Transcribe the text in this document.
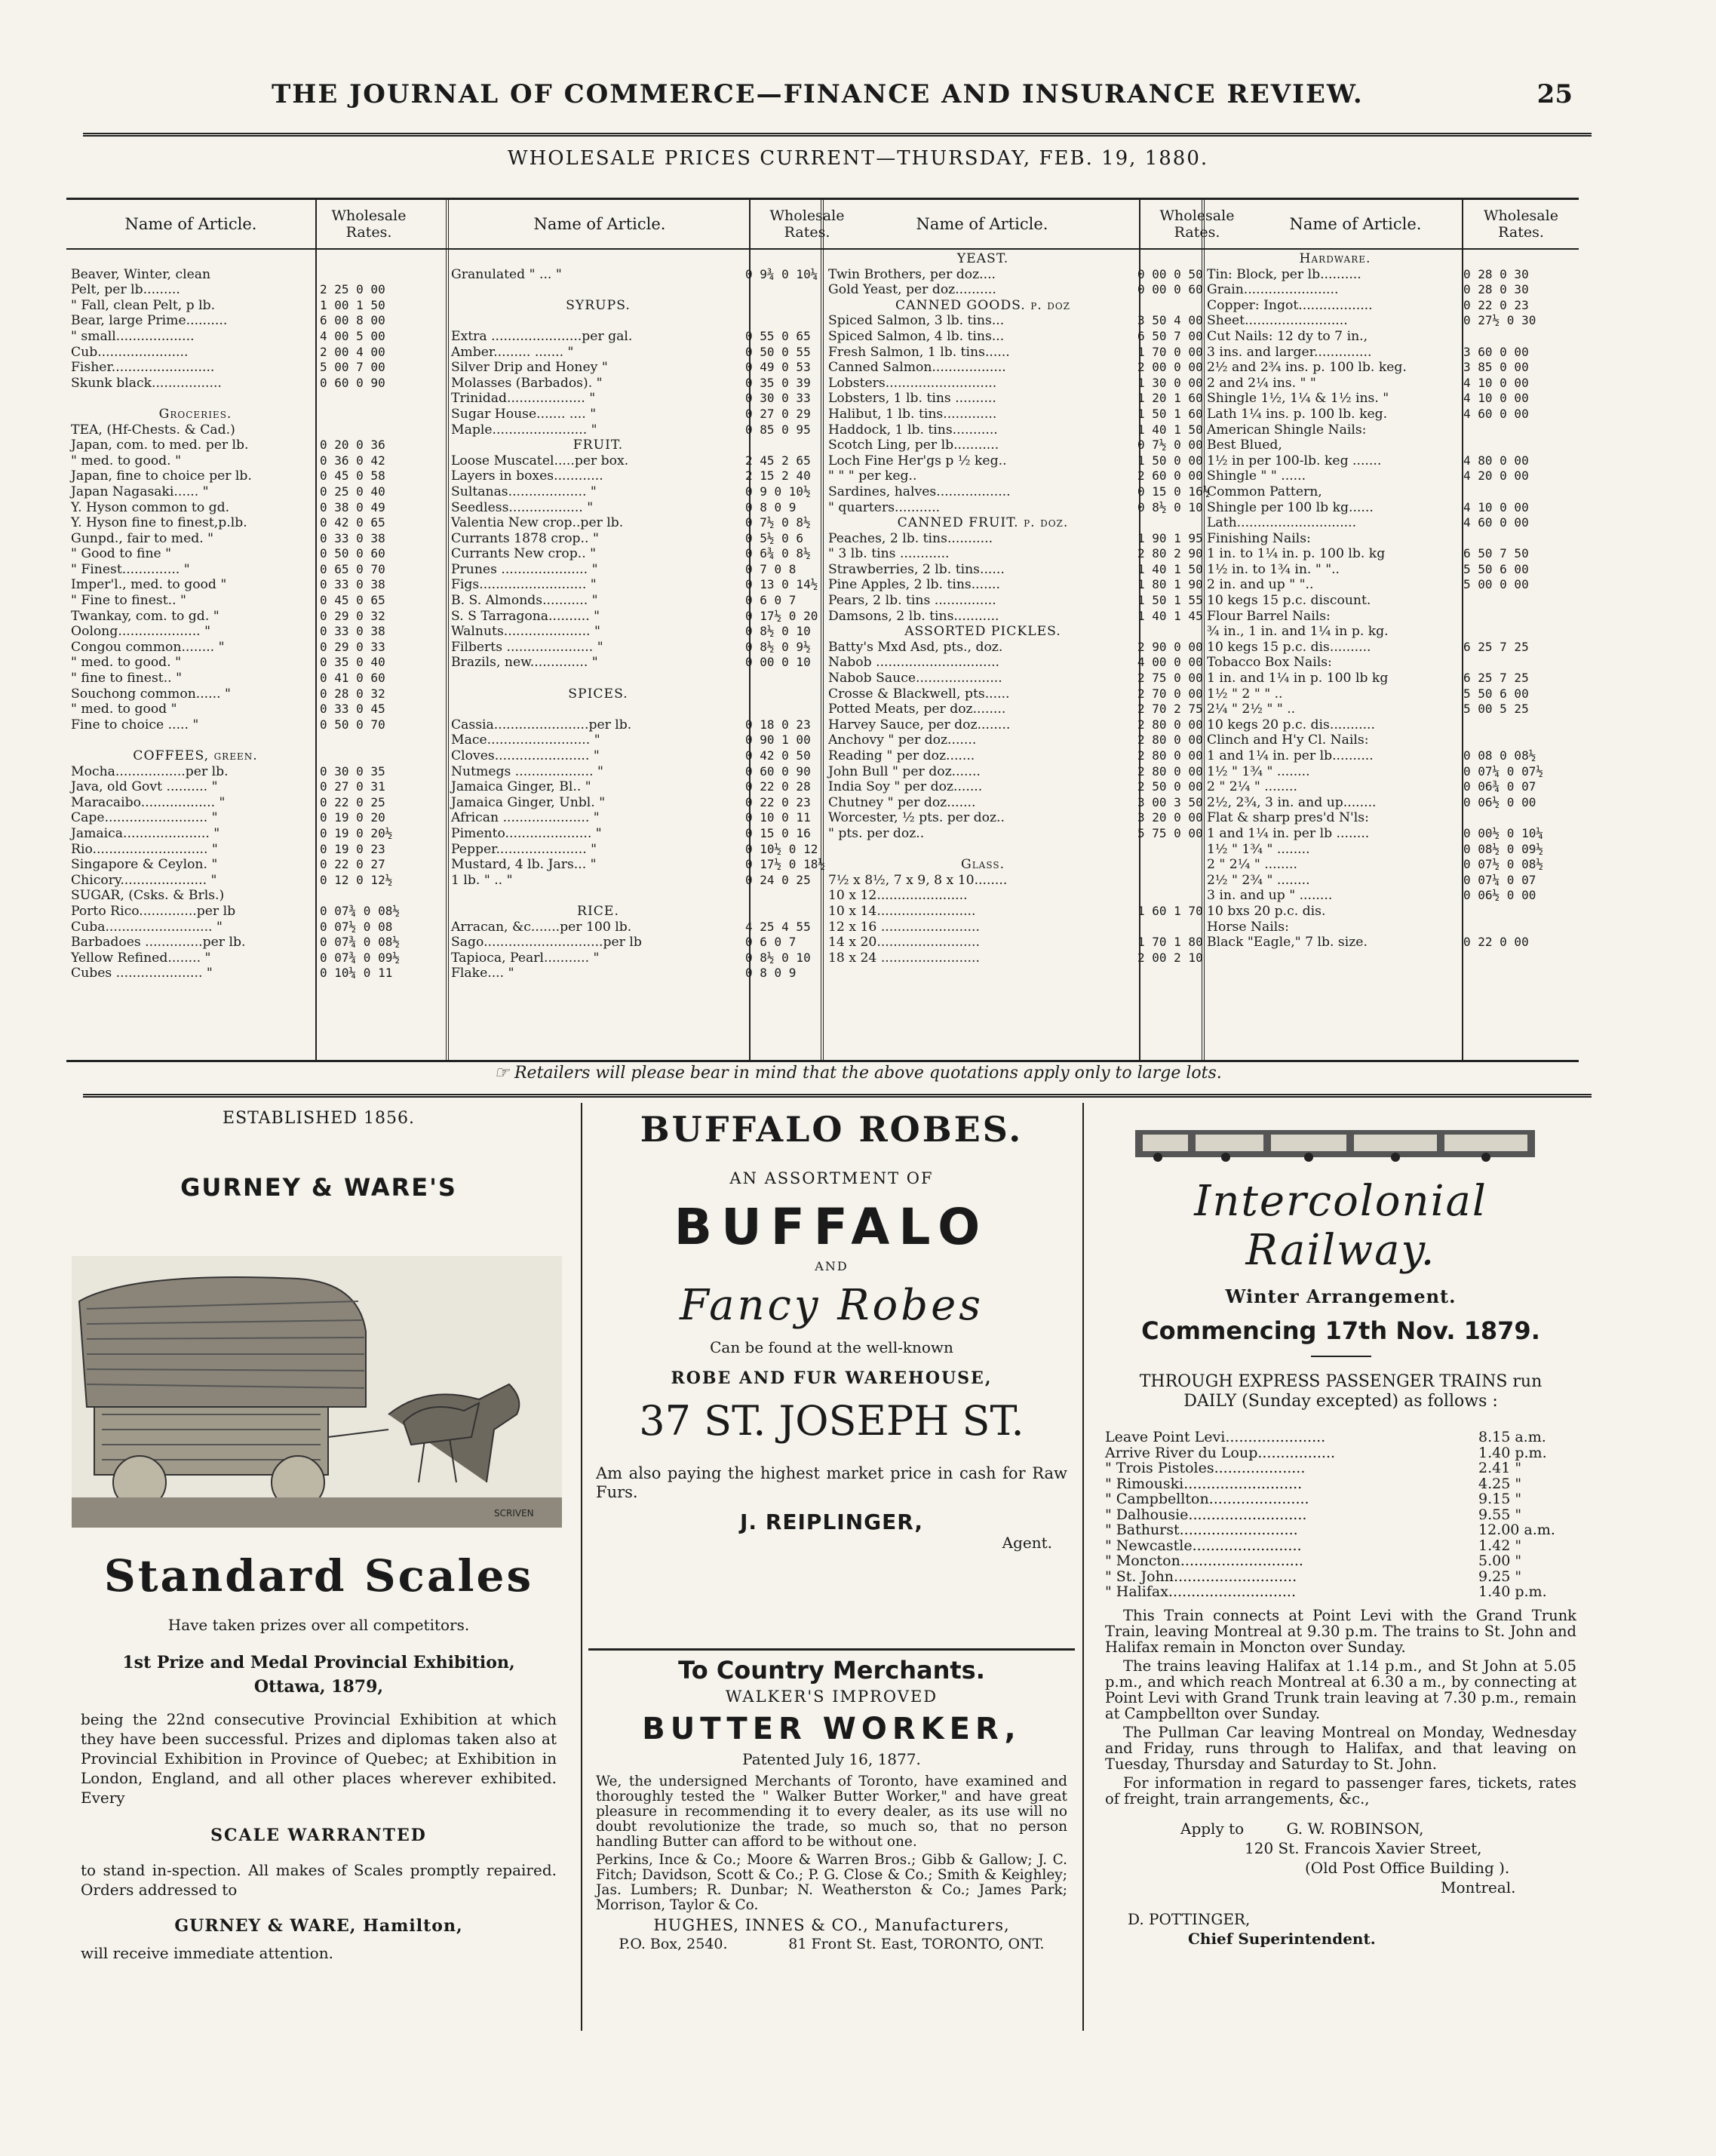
THE JOURNAL OF COMMERCE—FINANCE AND INSURANCE REVIEW.	25
WHOLESALE PRICES CURRENT—THURSDAY, FEB. 19, 1880.
Name of Article.	Wholesale Rates.	Name of Article.	Wholesale Rates.	Name of Article.	Wholesale Rates.	Name of Article.	Wholesale Rates.
Beaver, Winter, clean
Pelt, per lb.........	2 25 0 00
" Fall, clean Pelt, p lb.	1 00 1 50
Bear, large Prime..........	6 00 8 00
" small...................	4 00 5 00
Cub......................	2 00 4 00
Fisher.........................	5 00 7 00
Skunk black.................	0 60 0 90
Groceries.
TEA, (Hf-Chests. & Cad.)
Japan, com. to med. per lb.	0 20 0 36
" med. to good. "	0 36 0 42
Japan, fine to choice per lb.	0 45 0 58
Japan Nagasaki...... "	0 25 0 40
Y. Hyson common to gd.	0 38 0 49
Y. Hyson fine to finest,p.lb.	0 42 0 65
Gunpd., fair to med. "	0 33 0 38
" Good to fine "	0 50 0 60
" Finest.............. "	0 65 0 70
Imper'l., med. to good "	0 33 0 38
" Fine to finest.. "	0 45 0 65
Twankay, com. to gd. "	0 29 0 32
Oolong.................... "	0 33 0 38
Congou common........ "	0 29 0 33
" med. to good. "	0 35 0 40
" fine to finest.. "	0 41 0 60
Souchong common...... "	0 28 0 32
" med. to good "	0 33 0 45
Fine to choice ..... "	0 50 0 70
COFFEES, green.
Mocha.................per lb.	0 30 0 35
Java, old Govt .......... "	0 27 0 31
Maracaibo.................. "	0 22 0 25
Cape......................... "	0 19 0 20
Jamaica..................... "	0 19 0 20½
Rio............................ "	0 19 0 23
Singapore & Ceylon. "	0 22 0 27
Chicory..................... "	0 12 0 12½
SUGAR, (Csks. & Brls.)
Porto Rico..............per lb	0 07¾ 0 08½
Cuba.......................... "	0 07½ 0 08
Barbadoes ..............per lb.	0 07¾ 0 08½
Yellow Refined........ "	0 07¾ 0 09½
Cubes ..................... "	0 10¼ 0 11
Granulated " ... "	0 9¾ 0 10¼
SYRUPS.
Extra ......................per gal.	0 55 0 65
Amber......... ....... "	0 50 0 55
Silver Drip and Honey "	0 49 0 53
Molasses (Barbados). "	0 35 0 39
Trinidad................... "	0 30 0 33
Sugar House....... .... "	0 27 0 29
Maple....................... "	0 85 0 95
FRUIT.
Loose Muscatel.....per box.	2 45 2 65
Layers in boxes............	2 15 2 40
Sultanas................... "	0 9 0 10½
Seedless.................. "	0 8 0 9
Valentia New crop..per lb.	0 7½ 0 8½
Currants 1878 crop.. "	0 5½ 0 6
Currants New crop.. "	0 6¾ 0 8½
Prunes ..................... "	0 7 0 8
Figs.......................... "	0 13 0 14½
B. S. Almonds........... "	0 6 0 7
S. S Tarragona.......... "	0 17½ 0 20
Walnuts..................... "	0 8½ 0 10
Filberts ..................... "	0 8½ 0 9½
Brazils, new.............. "	0 00 0 10
SPICES.
Cassia.......................per lb.	0 18 0 23
Mace......................... "	0 90 1 00
Cloves....................... "	0 42 0 50
Nutmegs ................... "	0 60 0 90
Jamaica Ginger, Bl.. "	0 22 0 28
Jamaica Ginger, Unbl. "	0 22 0 23
African ..................... "	0 10 0 11
Pimento..................... "	0 15 0 16
Pepper...................... "	0 10½ 0 12
Mustard, 4 lb. Jars... "	0 17½ 0 18½
1 lb. " .. "	0 24 0 25
RICE.
Arracan, &c.......per 100 lb.	4 25 4 55
Sago.............................per lb	0 6 0 7
Tapioca, Pearl........... "	0 8½ 0 10
Flake.... "	0 8 0 9
YEAST.
Twin Brothers, per doz....	0 00 0 50
Gold Yeast, per doz..........	0 00 0 60
CANNED GOODS. p. doz
Spiced Salmon, 3 lb. tins...	3 50 4 00
Spiced Salmon, 4 lb. tins...	6 50 7 00
Fresh Salmon, 1 lb. tins......	1 70 0 00
Canned Salmon..................	2 00 0 00
Lobsters...........................	1 30 0 00
Lobsters, 1 lb. tins ..........	1 20 1 60
Halibut, 1 lb. tins.............	1 50 1 60
Haddock, 1 lb. tins...........	1 40 1 50
Scotch Ling, per lb...........	0 7½ 0 00
Loch Fine Her'gs p ½ keg..	1 50 0 00
" " " per keg..	2 60 0 00
Sardines, halves..................	0 15 0 16½
" quarters...........	0 8½ 0 10
CANNED FRUIT. p. doz.
Peaches, 2 lb. tins...........	1 90 1 95
" 3 lb. tins ............	2 80 2 90
Strawberries, 2 lb. tins......	1 40 1 50
Pine Apples, 2 lb. tins.......	1 80 1 90
Pears, 2 lb. tins ...............	1 50 1 55
Damsons, 2 lb. tins...........	1 40 1 45
ASSORTED PICKLES.
Batty's Mxd Asd, pts., doz.	2 90 0 00
Nabob ..............................	4 00 0 00
Nabob Sauce.....................	2 75 0 00
Crosse & Blackwell, pts......	2 70 0 00
Potted Meats, per doz........	2 70 2 75
Harvey Sauce, per doz........	2 80 0 00
Anchovy " per doz.......	2 80 0 00
Reading " per doz.......	2 80 0 00
John Bull " per doz.......	2 80 0 00
India Soy " per doz.......	2 50 0 00
Chutney " per doz.......	3 00 3 50
Worcester, ½ pts. per doz..	3 20 0 00
" pts. per doz..	5 75 0 00
Glass.
7½ x 8½, 7 x 9, 8 x 10........
10 x 12......................
10 x 14........................	1 60 1 70
12 x 16 ........................
14 x 20.........................	1 70 1 80
18 x 24 ........................	2 00 2 10
Hardware.
Tin: Block, per lb..........	0 28 0 30
Grain.......................	0 28 0 30
Copper: Ingot..................	0 22 0 23
Sheet.........................	0 27½ 0 30
Cut Nails: 12 dy to 7 in.,
3 ins. and larger..............	3 60 0 00
2½ and 2¾ ins. p. 100 lb. keg.	3 85 0 00
2 and 2¼ ins. " "	4 10 0 00
Shingle 1½, 1¼ & 1½ ins. "	4 10 0 00
Lath 1¼ ins. p. 100 lb. keg.	4 60 0 00
American Shingle Nails:
Best Blued,
1½ in per 100-lb. keg .......	4 80 0 00
Shingle " " ......	4 20 0 00
Common Pattern,
Shingle per 100 lb kg......	4 10 0 00
Lath.............................	4 60 0 00
Finishing Nails:
1 in. to 1¼ in. p. 100 lb. kg	6 50 7 50
1½ in. to 1¾ in. " "..	5 50 6 00
2 in. and up " "..	5 00 0 00
10 kegs 15 p.c. discount.
Flour Barrel Nails:
¾ in., 1 in. and 1¼ in p. kg.
10 kegs 15 p.c. dis..........	6 25 7 25
Tobacco Box Nails:
1 in. and 1¼ in p. 100 lb kg	6 25 7 25
1½ " 2 " " ..	5 50 6 00
2¼ " 2½ " " ..	5 00 5 25
10 kegs 20 p.c. dis...........
Clinch and H'y Cl. Nails:
1 and 1¼ in. per lb..........	0 08 0 08½
1½ " 1¾ " ........	0 07¼ 0 07½
2 " 2¼ " ........	0 06¾ 0 07
2½, 2¾, 3 in. and up........	0 06½ 0 00
Flat & sharp pres'd N'ls:
1 and 1¼ in. per lb ........	0 00½ 0 10¼
1½ " 1¾ " ........	0 08½ 0 09½
2 " 2¼ " ........	0 07½ 0 08½
2½ " 2¾ " ........	0 07¼ 0 07
3 in. and up " ........	0 06½ 0 00
10 bxs 20 p.c. dis.
Horse Nails:
Black "Eagle," 7 lb. size.	0 22 0 00
☞ Retailers will please bear in mind that the above quotations apply only to large lots.
ESTABLISHED 1856.
GURNEY & WARE'S
SCRIVEN
Standard Scales
Have taken prizes over all competitors.
1st Prize and Medal Provincial Exhibition, Ottawa, 1879,
being the 22nd consecutive Provincial Exhibition at which they have been successful. Prizes and diplomas taken also at Provincial Exhibition in Province of Quebec; at Exhibition in London, England, and all other places wherever exhibited. Every
SCALE WARRANTED
to stand in-spection. All makes of Scales promptly repaired. Orders addressed to
GURNEY & WARE, Hamilton,
will receive immediate attention.
BUFFALO ROBES.
AN ASSORTMENT OF
BUFFALO
AND
Fancy Robes
Can be found at the well-known
ROBE AND FUR WAREHOUSE,
37 ST. JOSEPH ST.
Am also paying the highest market price in cash for Raw Furs.
J. REIPLINGER,
Agent.
To Country Merchants.
WALKER'S IMPROVED
BUTTER WORKER,
Patented July 16, 1877.
We, the undersigned Merchants of Toronto, have examined and thoroughly tested the " Walker Butter Worker," and have great pleasure in recommending it to every dealer, as its use will no doubt revolutionize the trade, so much so, that no person handling Butter can afford to be without one.
Perkins, Ince & Co.; Moore & Warren Bros.; Gibb & Gallow; J. C. Fitch; Davidson, Scott & Co.; P. G. Close & Co.; Smith & Keighley; Jas. Lumbers; R. Dunbar; N. Weatherston & Co.; James Park; Morrison, Taylor & Co.
HUGHES, INNES & CO., Manufacturers,
P.O. Box, 2540.	81 Front St. East, TORONTO, ONT.
Intercolonial Railway.
Winter Arrangement.
Commencing 17th Nov. 1879.
THROUGH EXPRESS PASSENGER TRAINS run DAILY (Sunday excepted) as follows :
Leave Point Levi......................	8.15 a.m.
Arrive River du Loup.................	1.40 p.m.
" Trois Pistoles....................	2.41 "
" Rimouski..........................	4.25 "
" Campbellton......................	9.15 "
" Dalhousie..........................	9.55 "
" Bathurst..........................	12.00 a.m.
" Newcastle........................	1.42 "
" Moncton...........................	5.00 "
" St. John...........................	9.25 "
" Halifax............................	1.40 p.m.
This Train connects at Point Levi with the Grand Trunk Train, leaving Montreal at 9.30 p.m. The trains to St. John and Halifax remain in Moncton over Sunday.
The trains leaving Halifax at 1.14 p.m., and St John at 5.05 p.m., and which reach Montreal at 6.30 a m., by connecting at Point Levi with Grand Trunk train leaving at 7.30 p.m., remain at Campbellton over Sunday.
The Pullman Car leaving Montreal on Monday, Wednesday and Friday, runs through to Halifax, and that leaving on Tuesday, Thursday and Saturday to St. John.
For information in regard to passenger fares, tickets, rates of freight, train arrangements, &c.,
Apply to	G. W. ROBINSON,
120 St. Francois Xavier Street,
(Old Post Office Building ).
Montreal.
D. POTTINGER,
Chief Superintendent.
